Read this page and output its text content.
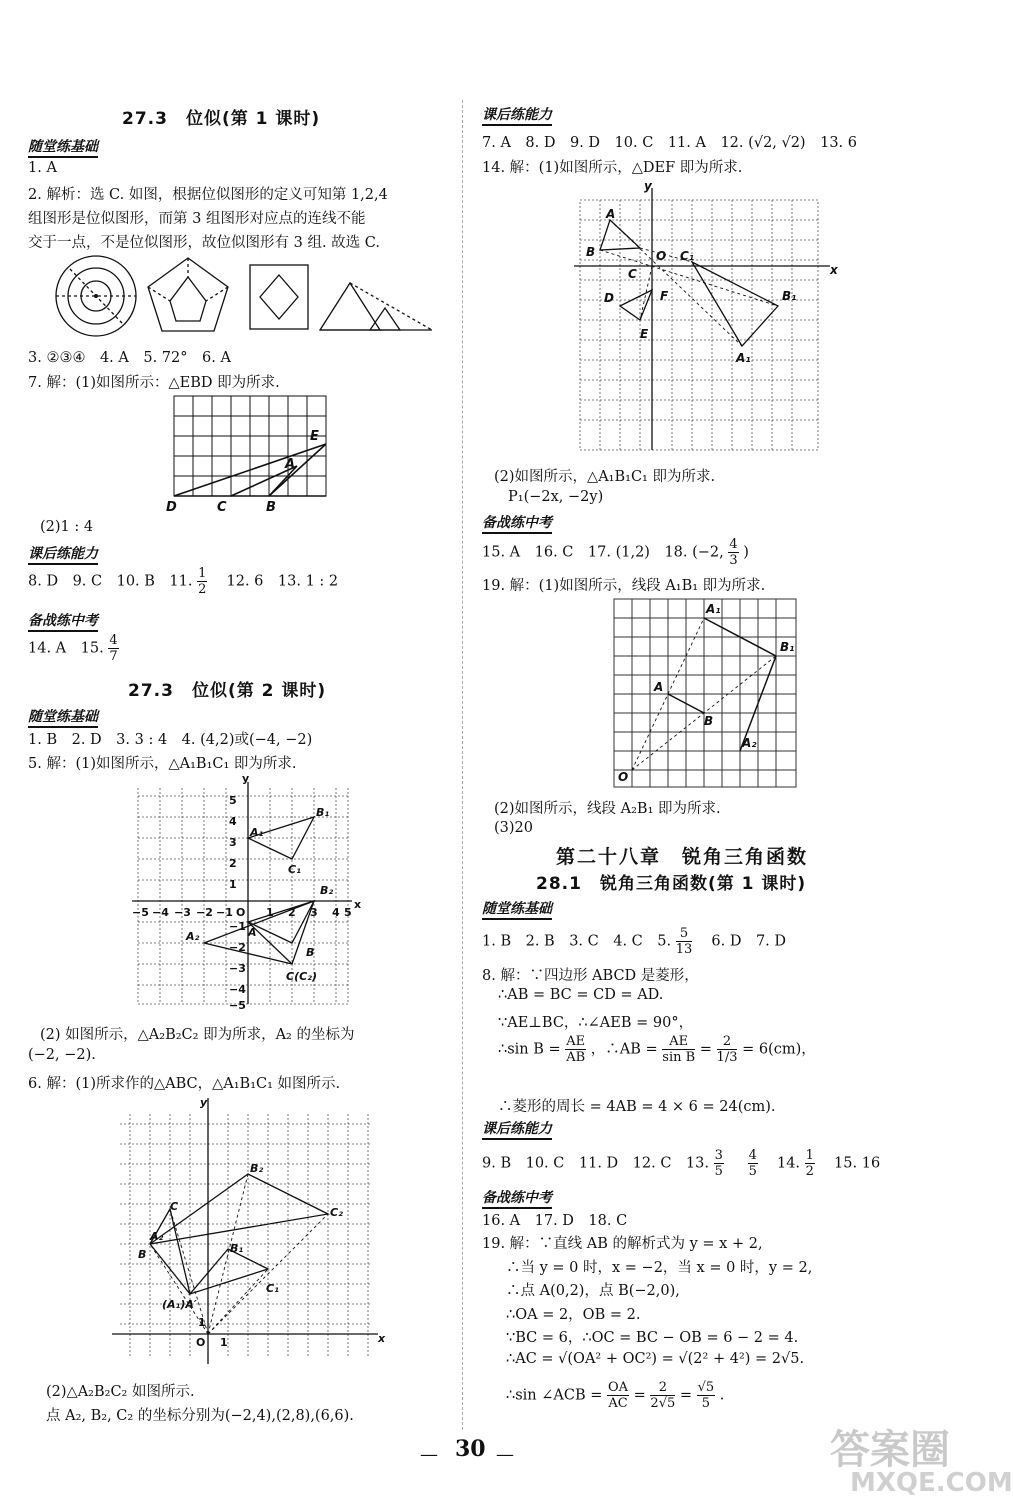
27.3　位似(第 1 课时)
随堂练基础
1. A
2. 解析：选 C. 如图，根据位似图形的定义可知第 1,2,4
组图形是位似图形，而第 3 组图形对应点的连线不能
交于一点，不是位似图形，故位似图形有 3 组. 故选 C.
3. ②③④　4. A　5. 72°　6. A
7. 解：(1)如图所示：△EBD 即为所求.
D	C	B
A
E
(2)1 : 4
课后练能力
8. D　9. C　10. B　11. $\frac{1}{2}$ 　12. 6　13. 1 : 2
备战练中考
14. A　15. $\frac{4}{7}$
27.3　位似(第 2 课时)
随堂练基础
1. B　2. D　3. 3 : 4　4. (4,2)或(−4, −2)
5. 解：(1)如图所示，△A₁B₁C₁ 即为所求.
5
4
3
2
1
−5 −4 −3 −2 −1 O 1 2 3 4 5
−1
−2
−3
−4
−5
y
x
A₁
B₁
C₁
B₂
A₂	A
B
C(C₂)
(2) 如图所示，△A₂B₂C₂ 即为所求，A₂ 的坐标为
(−2, −2).
6. 解：(1)所求作的△ABC，△A₁B₁C₁ 如图所示.
y
x
O 1
1
B₂
C₂
C
A₂
B	B₁
C₁
(A₁)A′
(2)△A₂B₂C₂ 如图所示.
点 A₂, B₂, C₂ 的坐标分别为(−2,4),(2,8),(6,6).
课后练能力
7. A　8. D　9. D　10. C　11. A　12. (√2, √2)　13. 6
14. 解：(1)如图所示，△DEF 即为所求.
y
x
A
B
C
O C₁
B₁
A₁
D	F
E
(2)如图所示，△A₁B₁C₁ 即为所求.
P₁(−2x, −2y)
备战练中考
15. A　16. C　17. (1,2)　18. (−2, $\frac{4}{3}$ )
19. 解：(1)如图所示，线段 A₁B₁ 即为所求.
A₁
B₁
A
B
A₂
O
(2)如图所示，线段 A₂B₁ 即为所求.
(3)20
第二十八章　锐角三角函数
28.1　锐角三角函数(第 1 课时)
随堂练基础
1. B　2. B　3. C　4. C　5. $\frac{5}{13}$ 　6. D　7. D
8. 解：∵四边形 ABCD 是菱形，
∴AB = BC = CD = AD.
∵AE⊥BC，∴∠AEB = 90°，
∴sin $B = \frac{AE}{AB}$ ，∴AB = $\frac{AE}{\text{sin B}} = \frac{2}{1/3} = 6(cm)$，
∴菱形的周长 = 4AB = 4 × 6 = 24(cm).
课后练能力
9. B　10. C　11. D　12. C　13. $\frac{3}{5}$
　 $\frac{4}{5}$
　 14. $\frac{1}{2}$
　 15. 16
备战练中考
16. A　17. D　18. C
19. 解：∵直线 AB 的解析式为 y = x + 2,
∴当 y = 0 时，x = −2，当 x = 0 时，y = 2,
∴点 A(0,2)，点 B(−2,0),
∴OA = 2，OB = 2.
∵BC = 6，∴OC = BC − OB = 6 − 2 = 4.
∴AC = √(OA² + OC²) = √(2² + 4²) = 2√5.
∴sin ∠ACB = $\frac{OA}{AC} = \frac{2}{2√5} = \frac{√5}{5}$ .
— 30 —	答案圈
MXQE.COM
